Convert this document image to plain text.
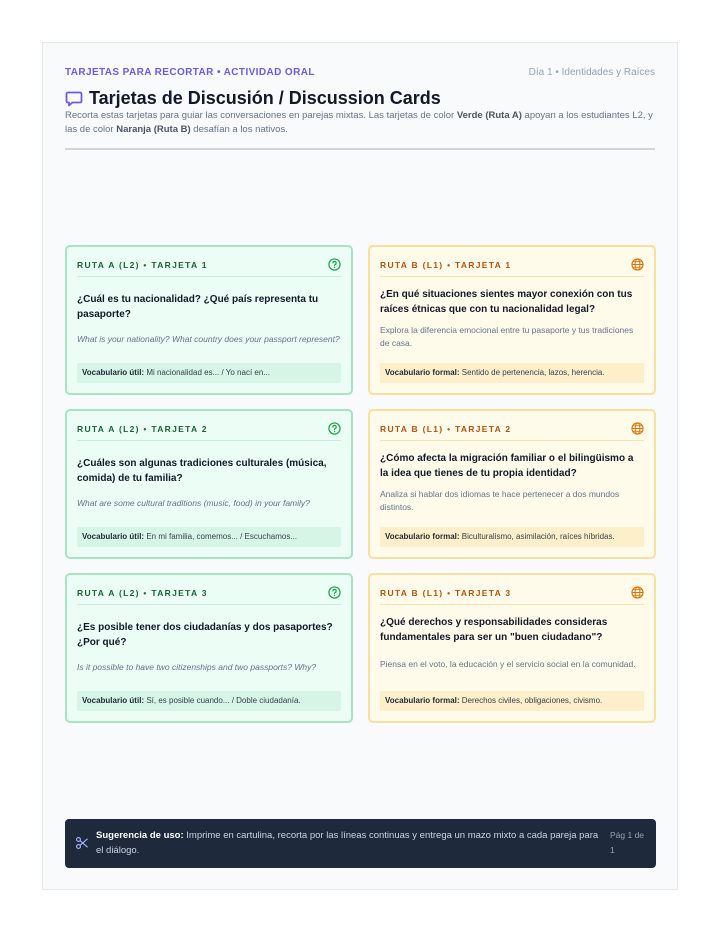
TARJETAS PARA RECORTAR • ACTIVIDAD ORAL	Día 1 • Identidades y Raíces
Tarjetas de Discusión / Discussion Cards

Recorta estas tarjetas para guiar las conversaciones en parejas mixtas. Las tarjetas de color Verde (Ruta A) apoyan a los estudiantes L2, y las de color Naranja (Ruta B) desafían a los nativos.

RUTA A (L2) • TARJETA 1

¿Cuál es tu nacionalidad? ¿Qué país representa tu pasaporte?

What is your nationality? What country does your passport represent?

Vocabulario útil: Mi nacionalidad es... / Yo nací en...
RUTA A (L2) • TARJETA 2

¿Cuáles son algunas tradiciones culturales (música, comida) de tu familia?

What are some cultural traditions (music, food) in your family?

Vocabulario útil: En mi familia, comemos... / Escuchamos...
RUTA A (L2) • TARJETA 3

¿Es posible tener dos ciudadanías y dos pasaportes? ¿Por qué?

Is it possible to have two citizenships and two passports? Why?

Vocabulario útil: Sí, es posible cuando... / Doble ciudadanía.
RUTA B (L1) • TARJETA 1

¿En qué situaciones sientes mayor conexión con tus raíces étnicas que con tu nacionalidad legal?

Explora la diferencia emocional entre tu pasaporte y tus tradiciones de casa.

Vocabulario formal: Sentido de pertenencia, lazos, herencia.
RUTA B (L1) • TARJETA 2

¿Cómo afecta la migración familiar o el bilingüismo a la idea que tienes de tu propia identidad?

Analiza si hablar dos idiomas te hace pertenecer a dos mundos distintos.

Vocabulario formal: Biculturalismo, asimilación, raíces híbridas.
RUTA B (L1) • TARJETA 3

¿Qué derechos y responsabilidades consideras fundamentales para ser un "buen ciudadano"?

Piensa en el voto, la educación y el servicio social en la comunidad.

Vocabulario formal: Derechos civiles, obligaciones, civismo.

Sugerencia de uso: Imprime en cartulina, recorta por las líneas continuas y entrega un mazo mixto a cada pareja para el diálogo.

Pág 1 de 1
